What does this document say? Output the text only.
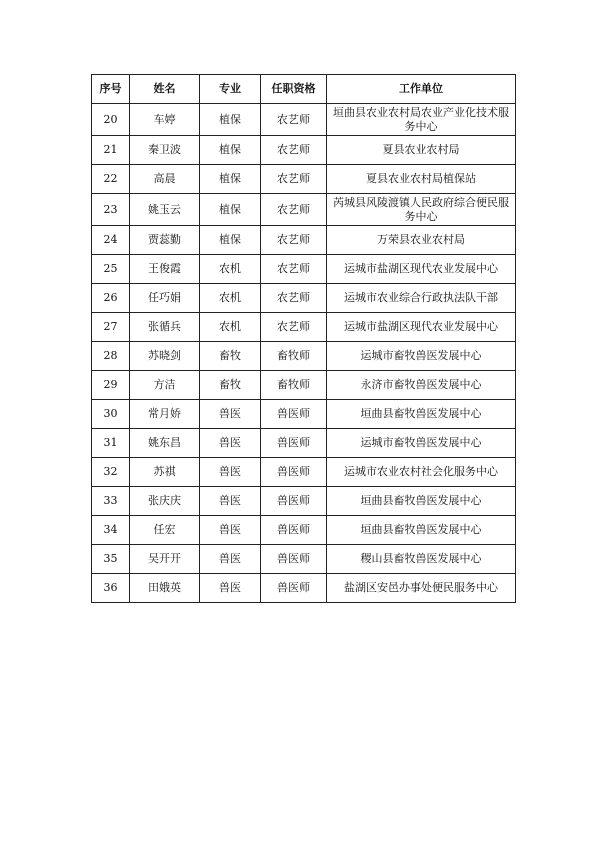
序号	姓名	专业	任职资格	工作单位
20	车婷	植保	农艺师	垣曲县农业农村局农业产业化技术服务中心
21	秦卫波	植保	农艺师	夏县农业农村局
22	高晨	植保	农艺师	夏县农业农村局植保站
23	姚玉云	植保	农艺师	芮城县风陵渡镇人民政府综合便民服务中心
24	贾蕊勤	植保	农艺师	万荣县农业农村局
25	王俊霞	农机	农艺师	运城市盐湖区现代农业发展中心
26	任巧娟	农机	农艺师	运城市农业综合行政执法队干部
27	张循兵	农机	农艺师	运城市盐湖区现代农业发展中心
28	苏晓剑	畜牧	畜牧师	运城市畜牧兽医发展中心
29	方洁	畜牧	畜牧师	永济市畜牧兽医发展中心
30	常月娇	兽医	兽医师	垣曲县畜牧兽医发展中心
31	姚东昌	兽医	兽医师	运城市畜牧兽医发展中心
32	苏祺	兽医	兽医师	运城市农业农村社会化服务中心
33	张庆庆	兽医	兽医师	垣曲县畜牧兽医发展中心
34	任宏	兽医	兽医师	垣曲县畜牧兽医发展中心
35	吴开开	兽医	兽医师	稷山县畜牧兽医发展中心
36	田娥英	兽医	兽医师	盐湖区安邑办事处便民服务中心
